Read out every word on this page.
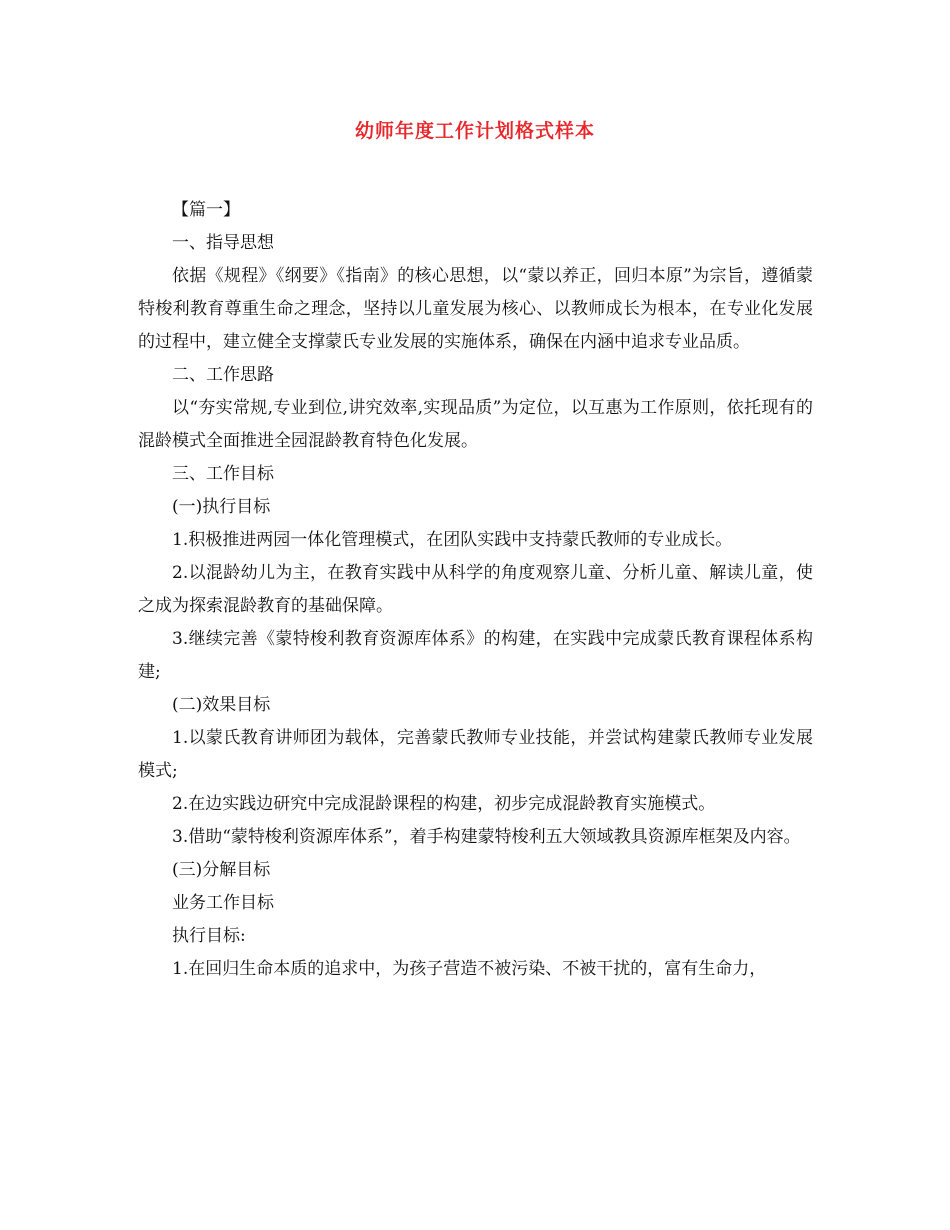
幼师年度工作计划格式样本

【篇一】

一、指导思想

依据《规程》《纲要》《指南》的核心思想，以“蒙以养正，回归本原”为宗旨，遵循蒙特梭利教育尊重生命之理念，坚持以儿童发展为核心、以教师成长为根本，在专业化发展的过程中，建立健全支撑蒙氏专业发展的实施体系，确保在内涵中追求专业品质。

二、工作思路

以“夯实常规,专业到位,讲究效率,实现品质”为定位，以互惠为工作原则，依托现有的混龄模式全面推进全园混龄教育特色化发展。

三、工作目标

(一)执行目标

1.积极推进两园一体化管理模式，在团队实践中支持蒙氏教师的专业成长。

2.以混龄幼儿为主，在教育实践中从科学的角度观察儿童、分析儿童、解读儿童，使之成为探索混龄教育的基础保障。

3.继续完善《蒙特梭利教育资源库体系》的构建，在实践中完成蒙氏教育课程体系构建;

(二)效果目标

1.以蒙氏教育讲师团为载体，完善蒙氏教师专业技能，并尝试构建蒙氏教师专业发展模式;

2.在边实践边研究中完成混龄课程的构建，初步完成混龄教育实施模式。

3.借助“蒙特梭利资源库体系”，着手构建蒙特梭利五大领域教具资源库框架及内容。

(三)分解目标

业务工作目标

执行目标:

1.在回归生命本质的追求中，为孩子营造不被污染、不被干扰的，富有生命力，
